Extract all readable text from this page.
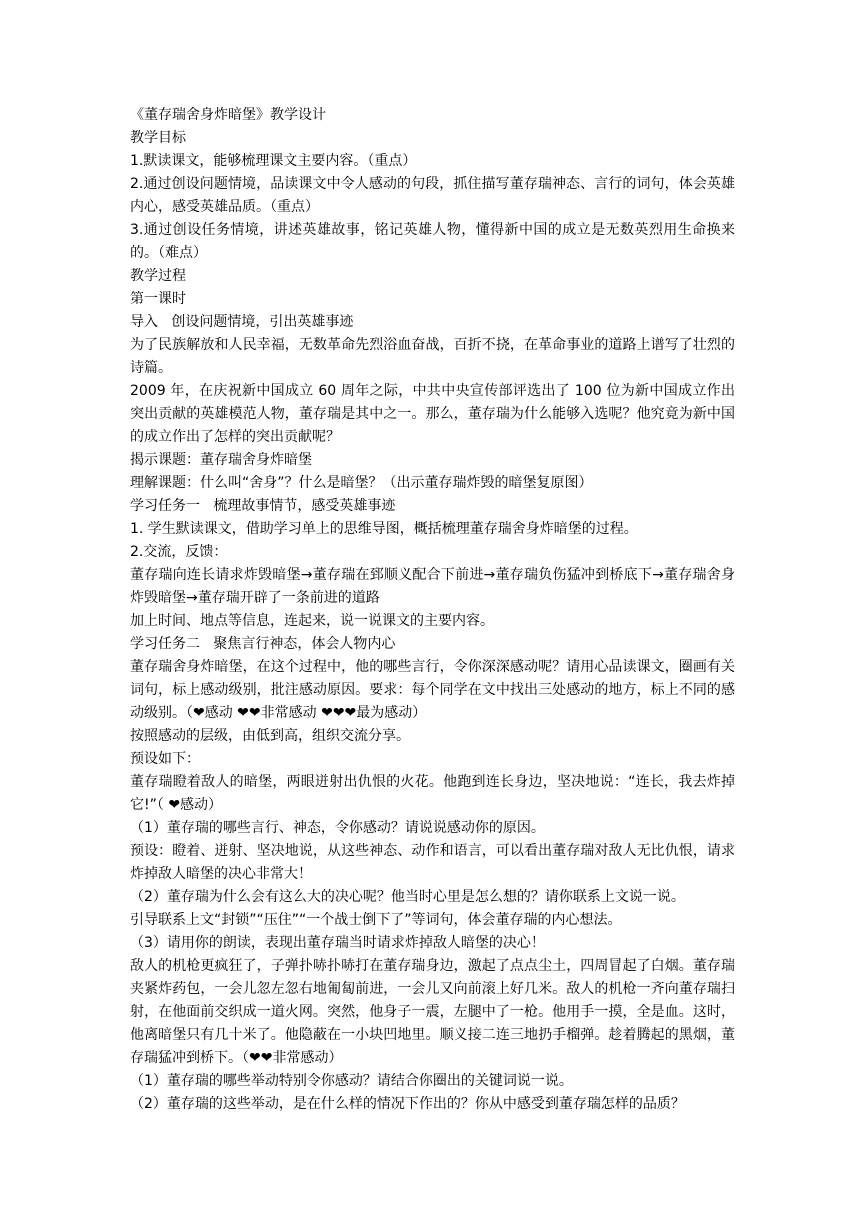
《董存瑞舍身炸暗堡》教学设计
教学目标
1.默读课文，能够梳理课文主要内容。（重点）
2.通过创设问题情境，品读课文中令人感动的句段，抓住描写董存瑞神态、言行的词句，体会英雄内心，感受英雄品质。（重点）
3.通过创设任务情境，讲述英雄故事，铭记英雄人物，懂得新中国的成立是无数英烈用生命换来的。（难点）
教学过程
第一课时
导入   创设问题情境，引出英雄事迹
为了民族解放和人民幸福，无数革命先烈浴血奋战，百折不挠，在革命事业的道路上谱写了壮烈的诗篇。
2009 年，在庆祝新中国成立 60 周年之际，中共中央宣传部评选出了 100 位为新中国成立作出突出贡献的英雄模范人物，董存瑞是其中之一。那么，董存瑞为什么能够入选呢？他究竟为新中国的成立作出了怎样的突出贡献呢？
揭示课题：董存瑞舍身炸暗堡
理解课题：什么叫“舍身”？什么是暗堡？（出示董存瑞炸毁的暗堡复原图）
学习任务一   梳理故事情节，感受英雄事迹
1. 学生默读课文，借助学习单上的思维导图，概括梳理董存瑞舍身炸暗堡的过程。
2.交流，反馈：
董存瑞向连长请求炸毁暗堡→董存瑞在郅顺义配合下前进→董存瑞负伤猛冲到桥底下→董存瑞舍身炸毁暗堡→董存瑞开辟了一条前进的道路
加上时间、地点等信息，连起来，说一说课文的主要内容。
学习任务二   聚焦言行神态，体会人物内心
董存瑞舍身炸暗堡，在这个过程中，他的哪些言行，令你深深感动呢？请用心品读课文，圈画有关词句，标上感动级别，批注感动原因。要求：每个同学在文中找出三处感动的地方，标上不同的感动级别。（❤感动 ❤❤非常感动 ❤❤❤最为感动）
按照感动的层级，由低到高，组织交流分享。
预设如下：
董存瑞瞪着敌人的暗堡，两眼迸射出仇恨的火花。他跑到连长身边，坚决地说：“连长，我去炸掉它!”（ ❤感动）
（1）董存瑞的哪些言行、神态，令你感动？请说说感动你的原因。
预设：瞪着、迸射、坚决地说，从这些神态、动作和语言，可以看出董存瑞对敌人无比仇恨，请求炸掉敌人暗堡的决心非常大！
（2）董存瑞为什么会有这么大的决心呢？他当时心里是怎么想的？请你联系上文说一说。
引导联系上文“封锁”“压住”“一个战士倒下了”等词句，体会董存瑞的内心想法。
（3）请用你的朗读，表现出董存瑞当时请求炸掉敌人暗堡的决心！
敌人的机枪更疯狂了，子弹扑哧扑哧打在董存瑞身边，激起了点点尘土，四周冒起了白烟。董存瑞夹紧炸药包，一会儿忽左忽右地匍匐前进，一会儿又向前滚上好几米。敌人的机枪一齐向董存瑞扫射，在他面前交织成一道火网。突然，他身子一震，左腿中了一枪。他用手一摸，全是血。这时，他离暗堡只有几十米了。他隐蔽在一小块凹地里。顺义接二连三地扔手榴弹。趁着腾起的黑烟，董存瑞猛冲到桥下。（❤❤非常感动）
（1）董存瑞的哪些举动特别令你感动？请结合你圈出的关键词说一说。
（2）董存瑞的这些举动，是在什么样的情况下作出的？你从中感受到董存瑞怎样的品质？
